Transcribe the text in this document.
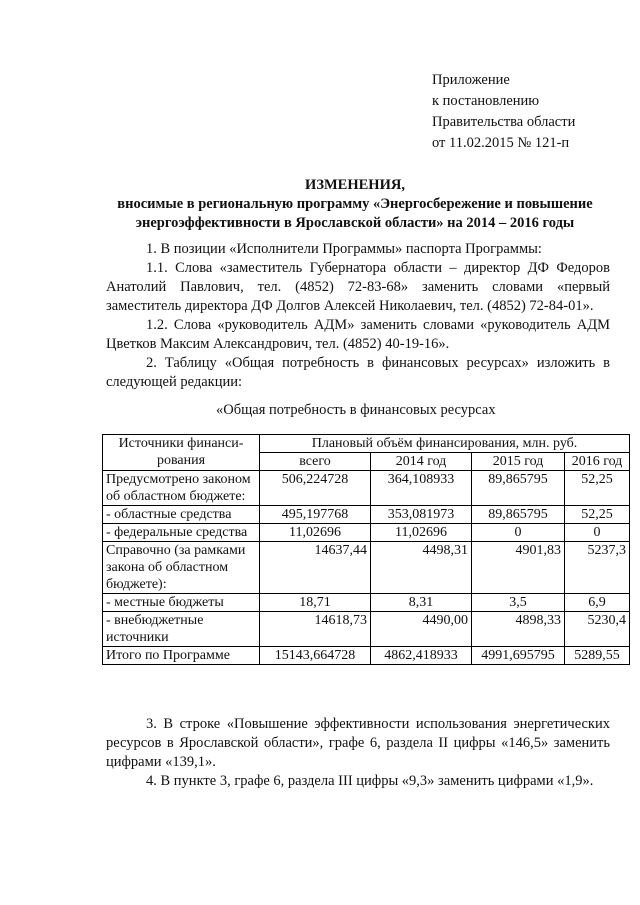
Приложение
к постановлению
Правительства области
от 11.02.2015 № 121-п
ИЗМЕНЕНИЯ,
вносимые в региональную программу «Энергосбережение и повышение
энергоэффективности в Ярославской области» на 2014 – 2016 годы

1. В позиции «Исполнители Программы» паспорта Программы:

1.1. Слова «заместитель Губернатора области – директор ДФ Федоров Анатолий Павлович, тел. (4852) 72-83-68» заменить словами «первый заместитель директора ДФ Долгов Алексей Николаевич, тел. (4852) 72-84-01».

1.2. Слова «руководитель АДМ» заменить словами «руководитель АДМ Цветков Максим Александрович, тел. (4852) 40-19-16».

2. Таблицу «Общая потребность в финансовых ресурсах» изложить в следующей редакции:

«Общая потребность в финансовых ресурсах
Источники финанси-рования	Плановый объём финансирования, млн. руб.			
	всего	2014 год	2015 год	2016 год
Предусмотрено законом об областном бюджете:	506,224728	364,108933	89,865795	52,25
- областные средства	495,197768	353,081973	89,865795	52,25
- федеральные средства	11,02696	11,02696	0	0
Справочно (за рамками закона об областном бюджете):	14637,44	4498,31	4901,83	5237,3
- местные бюджеты	18,71	8,31	3,5	6,9
- внебюджетные источники	14618,73	4490,00	4898,33	5230,4
Итого по Программе	15143,664728	4862,418933	4991,695795	5289,55

3. В строке «Повышение эффективности использования энергетических ресурсов в Ярославской области», графе 6, раздела II цифры «146,5» заменить цифрами «139,1».

4. В пункте 3, графе 6, раздела III цифры «9,3» заменить цифрами «1,9».
